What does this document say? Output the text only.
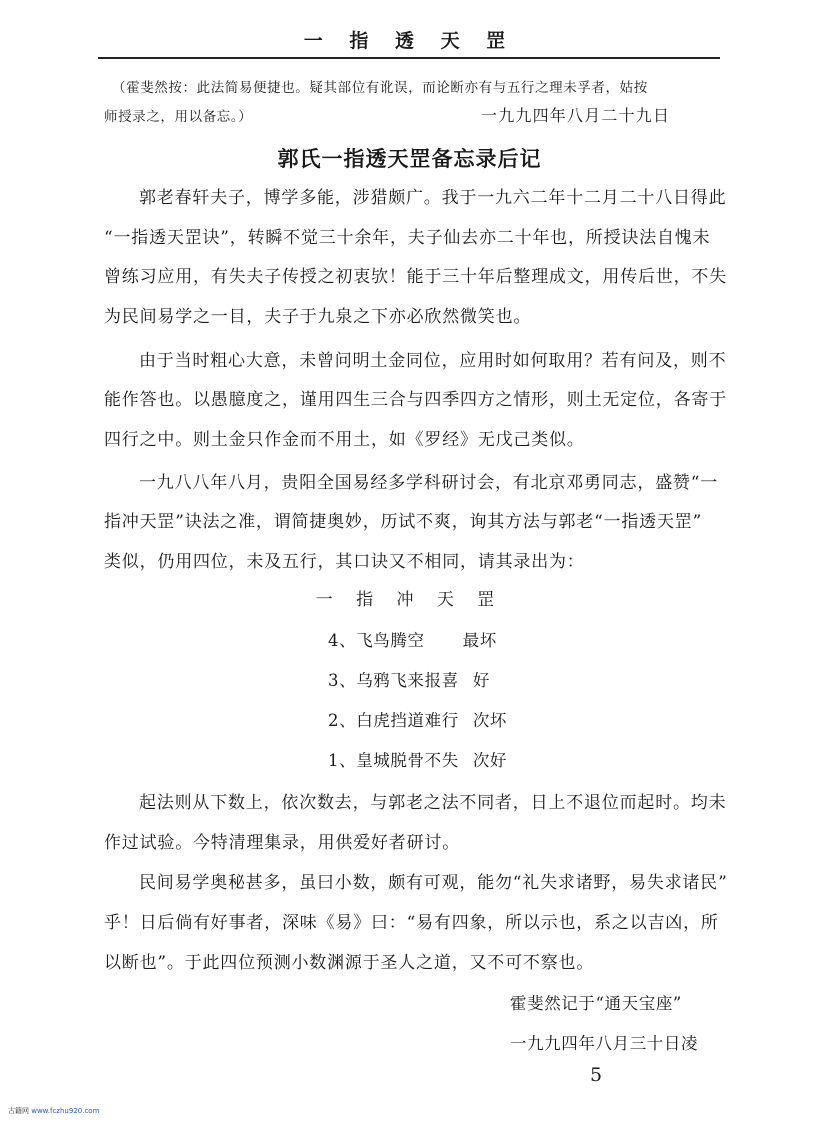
一 指 透 天 罡
（霍斐然按：此法简易便捷也。疑其部位有讹误，而论断亦有与五行之理未孚者，姑按
师授录之，用以备忘。）	一九九四年八月二十九日
郭氏一指透天罡备忘录后记
郭老春轩夫子，博学多能，涉猎颇广。我于一九六二年十二月二十八日得此
“一指透天罡诀”，转瞬不觉三十余年，夫子仙去亦二十年也，所授诀法自愧未
曾练习应用，有失夫子传授之初衷欤！能于三十年后整理成文，用传后世，不失
为民间易学之一目，夫子于九泉之下亦必欣然微笑也。
由于当时粗心大意，未曾问明土金同位，应用时如何取用？若有问及，则不
能作答也。以愚臆度之，谨用四生三合与四季四方之情形，则土无定位，各寄于
四行之中。则土金只作金而不用土，如《罗经》无戊己类似。
一九八八年八月，贵阳全国易经多学科研讨会，有北京邓勇同志，盛赞“一
指冲天罡”诀法之准，谓简捷奥妙，历试不爽，询其方法与郭老“一指透天罡”
类似，仍用四位，未及五行，其口诀又不相同，请其录出为：
一 指 冲 天 罡
4、飞鸟腾空 最坏
3、乌鸦飞来报喜 好
2、白虎挡道难行 次坏
1、皇城脱骨不失 次好
起法则从下数上，依次数去，与郭老之法不同者，日上不退位而起时。均未
作过试验。今特清理集录，用供爱好者研讨。
民间易学奥秘甚多，虽曰小数，颇有可观，能勿“礼失求诸野，易失求诸民”
乎！日后倘有好事者，深味《易》曰：“易有四象，所以示也，系之以吉凶，所
以断也”。于此四位预测小数渊源于圣人之道，又不可不察也。
霍斐然记于“通天宝座”
一九九四年八月三十日凌
5
古籍网 www.fczhu920.com
